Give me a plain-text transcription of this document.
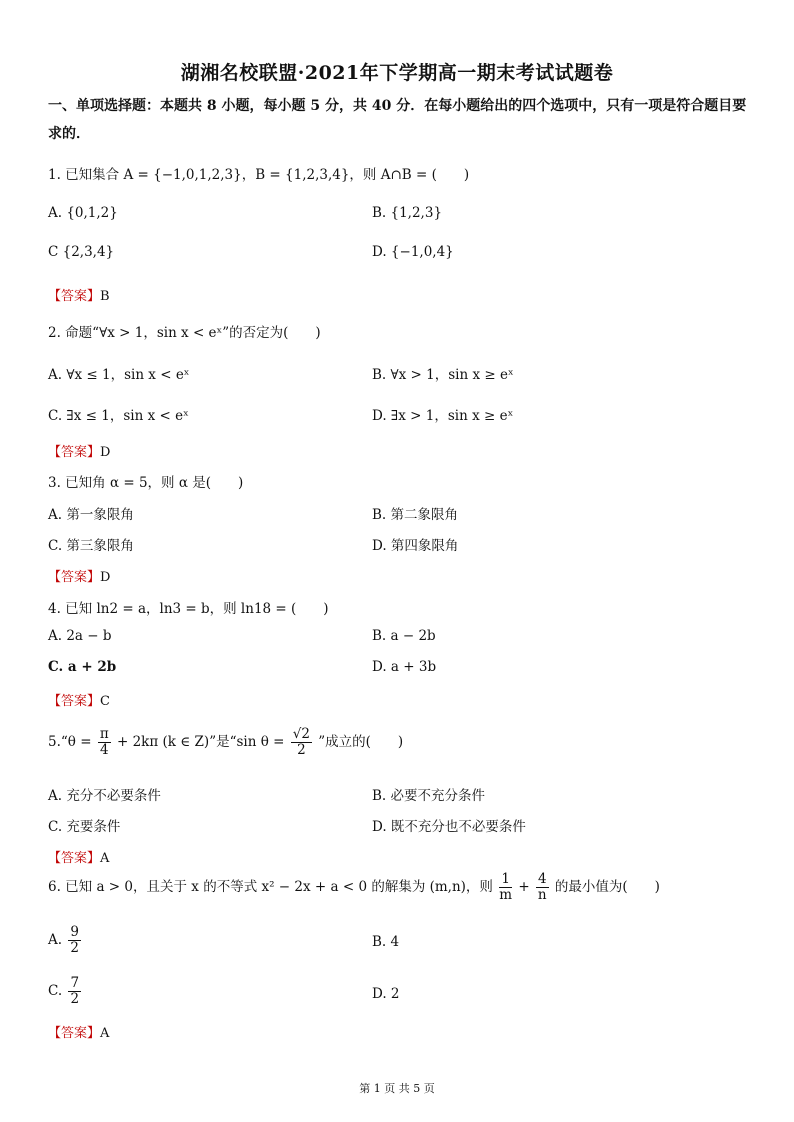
湖湘名校联盟·2021年下学期高一期末考试试题卷
一、单项选择题：本题共 8 小题，每小题 5 分，共 40 分．在每小题给出的四个选项中，只有一项是符合题目要求的．
1. 已知集合 A = {−1,0,1,2,3}，B = {1,2,3,4}，则 A∩B = (　　)
A. {0,1,2}	B. {1,2,3}
C {2,3,4}	D. {−1,0,4}
【答案】B
2. 命题“∀x > 1，sin x < eˣ”的否定为(　　)
A. ∀x ≤ 1，sin x < eˣ	B. ∀x > 1，sin x ≥ eˣ
C. ∃x ≤ 1，sin x < eˣ	D. ∃x > 1，sin x ≥ eˣ
【答案】D
3. 已知角 α = 5，则 α 是(　　)
A. 第一象限角	B. 第二象限角
C. 第三象限角	D. 第四象限角
【答案】D
4. 已知 ln2 = a，ln3 = b，则 ln18 = (　　)
A. 2a − b	B. a − 2b
C. a + 2b	D. a + 3b
【答案】C
5.“θ = $\frac{\pi}{4} + 2k\pi$ (k ∈ Z)”是“sin $\theta = \frac{√2}{2}$ ”成立的(　　)
A. 充分不必要条件	B. 必要不充分条件
C. 充要条件	D. 既不充分也不必要条件
【答案】A
6. 已知 a > 0，且关于 x 的不等式 x² − 2x + a < 0 的解集为 (m,n)，则 $\frac{1}{m} + \frac{4}{n}$ 的最小值为(　　)
A. $\frac{9}{2}$	B. 4
C. $\frac{7}{2}$	D. 2
【答案】A
第 1 页 共 5 页
